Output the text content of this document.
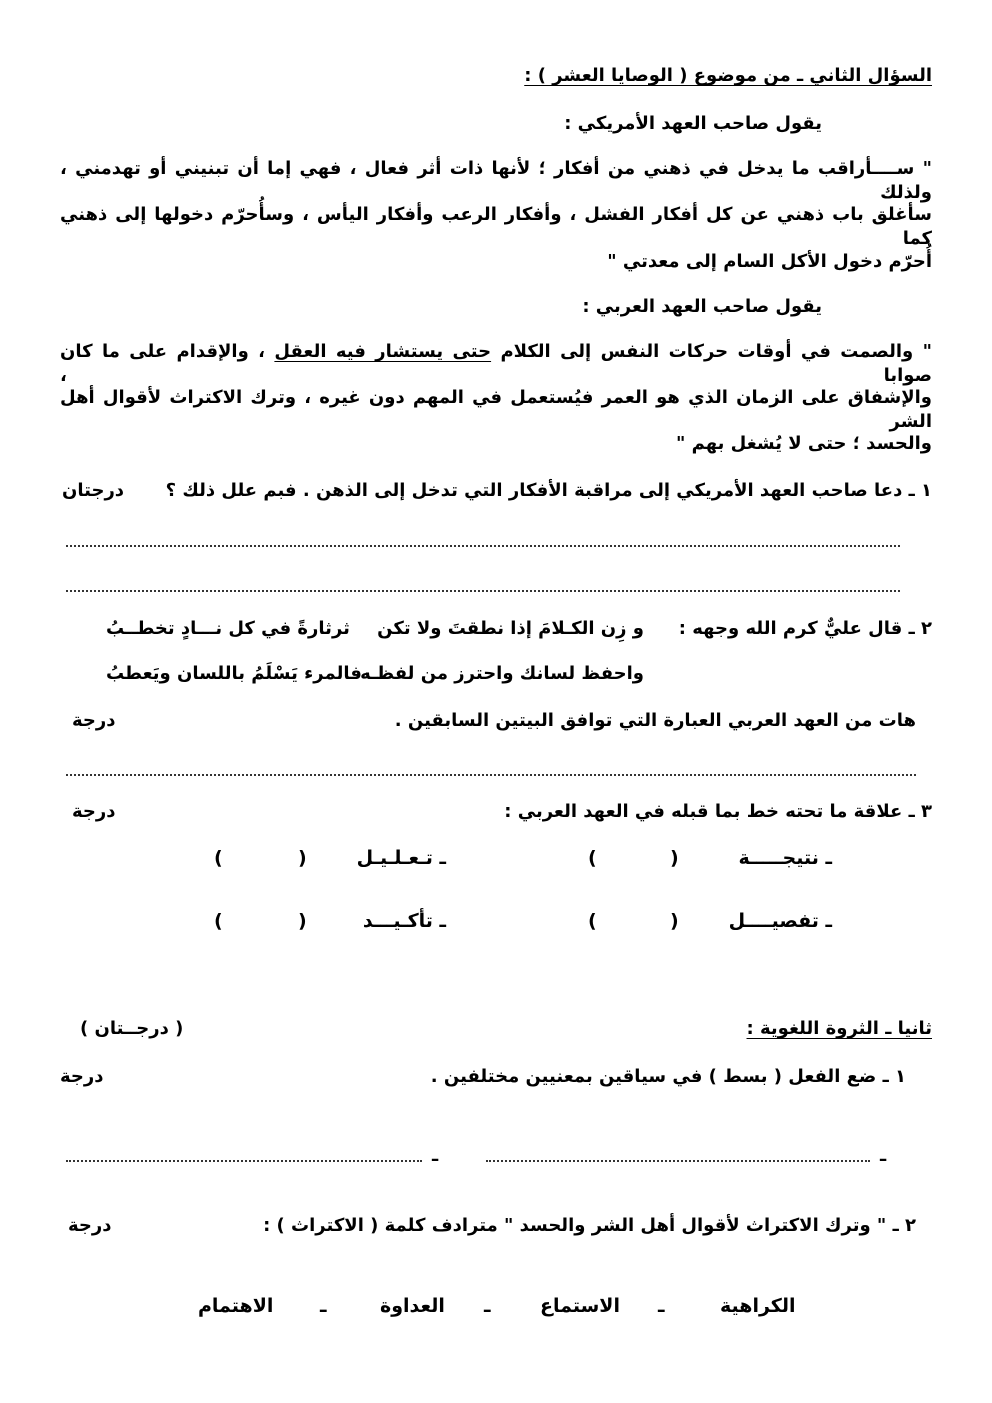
السؤال الثاني ـ من موضوع ( الوصايا العشر ) :
يقول صاحب العهد الأمريكي :
" ســــأراقب ما يدخل في ذهني من أفكار ؛ لأنها ذات أثر فعال ، فهي إما أن تبنيني أو تهدمني ، ولذلك
سأغلق باب ذهني عن كل أفكار الفشل ، وأفكار الرعب وأفكار اليأس ، وسأُحرّم دخولها إلى ذهني كما
أُحرّم دخول الأكل السام إلى معدتي "
يقول صاحب العهد العربي :
" والصمت في أوقات حركات النفس إلى الكلام حتى يستشار فيه العقل ، والإقدام على ما كان صوابا ،
والإشفاق على الزمان الذي هو العمر فيُستعمل في المهم دون غيره ، وترك الاكتراث لأقوال أهل الشر
والحسد ؛ حتى لا يُشغل بهم "
١ ـ دعا صاحب العهد الأمريكي إلى مراقبة الأفكار التي تدخل إلى الذهن . فبم علل ذلك ؟
درجتان
٢ ـ قال عليٌّ كرم الله وجهه :
و زِن الكـلامَ إذا نطقتَ ولا تكن
ثرثارةً في كل نـــادٍ تخطــبُ
واحفظ لسانك واحترز من لفظـه
فالمرء يَسْلَمُ باللسان ويَعطبُ
هات من العهد العربي العبارة التي توافق البيتين السابقين .
درجة
٣ ـ علاقة ما تحته خط بما قبله في العهد العربي :
درجة
ـ نتيجـــــة
(
)
ـ تـعـلـيـل
(
)
ـ تفصيــــل
(
)
ـ تأكـيـــد
(
)
ثانيا ـ الثروة اللغوية :
( درجــتان )
١ ـ ضع الفعل ( بسط ) في سياقين بمعنيين مختلفين .
درجة
ـ
ـ
٢ ـ " وترك الاكتراث لأقوال أهل الشر والحسد " مترادف كلمة ( الاكتراث ) :
درجة
الكراهية
ـ
الاستماع
ـ
العداوة
ـ
الاهتمام
